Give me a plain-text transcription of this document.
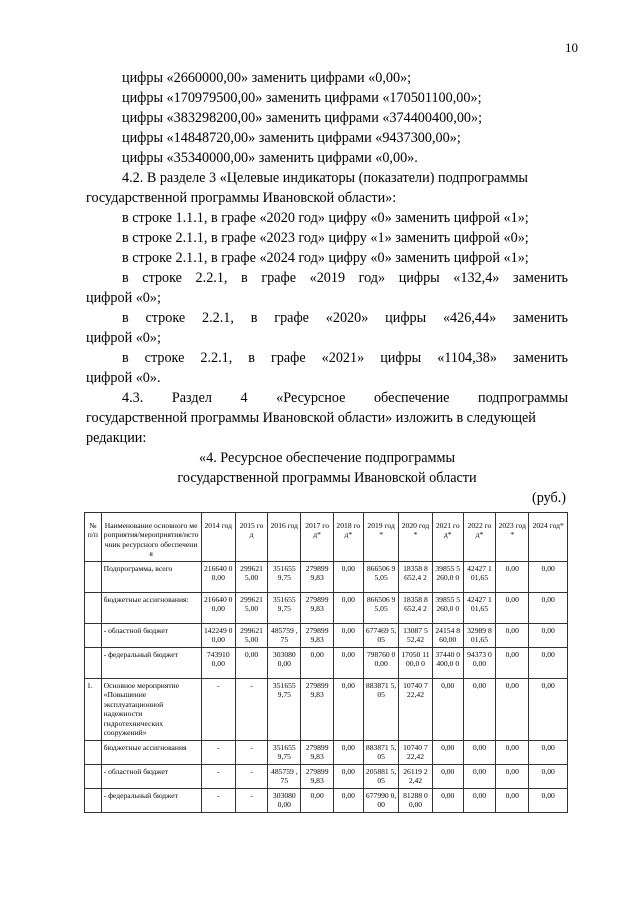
10
цифры «2660000,00» заменить цифрами «0,00»;
цифры «170979500,00» заменить цифрами «170501100,00»;
цифры «383298200,00» заменить цифрами «374400400,00»;
цифры «14848720,00» заменить цифрами «9437300,00»;
цифры «35340000,00» заменить цифрами «0,00».
4.2. В разделе 3 «Целевые индикаторы (показатели) подпрограммы
государственной программы Ивановской области»:
в строке 1.1.1, в графе «2020 год» цифру «0» заменить цифрой «1»;
в строке 2.1.1, в графе «2023 год» цифру «1» заменить цифрой «0»;
в строке 2.1.1, в графе «2024 год» цифру «0» заменить цифрой «1»;
в строке 2.2.1, в графе «2019 год» цифры «132,4» заменить
цифрой «0»;
в строке 2.2.1, в графе «2020» цифры «426,44» заменить
цифрой «0»;
в строке 2.2.1, в графе «2021» цифры «1104,38» заменить
цифрой «0».
4.3. Раздел 4 «Ресурсное обеспечение подпрограммы
государственной программы Ивановской области» изложить в следующей
редакции:
«4. Ресурсное обеспечение подпрограммы
государственной программы Ивановской области
(руб.)
№ п/п	Наименование основного мероприятия/мероприятия/источник ресурсного обеспечения	2014 год	2015 год	2016 год	2017 год*	2018 год*	2019 год*	2020 год*	2021 год*	2022 год*	2023 год*	2024 год*
	Подпрограмма, всего	216640 00,00	299621 5,00	351655 9,75	279899 9,83	0,00	866506 95,05	18358 8652,4 2	39855 5260,0 0	42427 101,65	0,00	0,00
	бюджетные ассигнования:	216640 00,00	299621 5,00	351655 9,75	279899 9,83	0,00	866506 95,05	18358 8652,4 2	39855 5260,0 0	42427 101,65	0,00	0,00
	- областной бюджет	142249 00,00	299621 5,00	485759 ,75	279899 9,83	0,00	677469 5,05	13087 552,42	24154 860,00	32989 801,65	0,00	0,00
	- федеральный бюджет	743910 0,00	0,00	303080 0,00	0,00	0,00	798760 00,00	17050 1100,0 0	37440 0400,0 0	94373 00,00	0,00	0,00
1.	Основное мероприятие «Повышение эксплуатационной надежности гидротехнических сооружений»	-	-	351655 9,75	279899 9,83	0,00	883871 5,05	10740 722,42	0,00	0,00	0,00	0,00
	бюджетные ассигнования	-	-	351655 9,75	279899 9,83	0,00	883871 5,05	10740 722,42	0,00	0,00	0,00	0,00
	- областной бюджет	-	-	485759 ,75	279899 9,83	0,00	205881 5,05	26119 22,42	0,00	0,00	0,00	0,00
	- федеральный бюджет	-	-	303080 0,00	0,00	0,00	677990 0,00	81288 00,00	0,00	0,00	0,00	0,00
